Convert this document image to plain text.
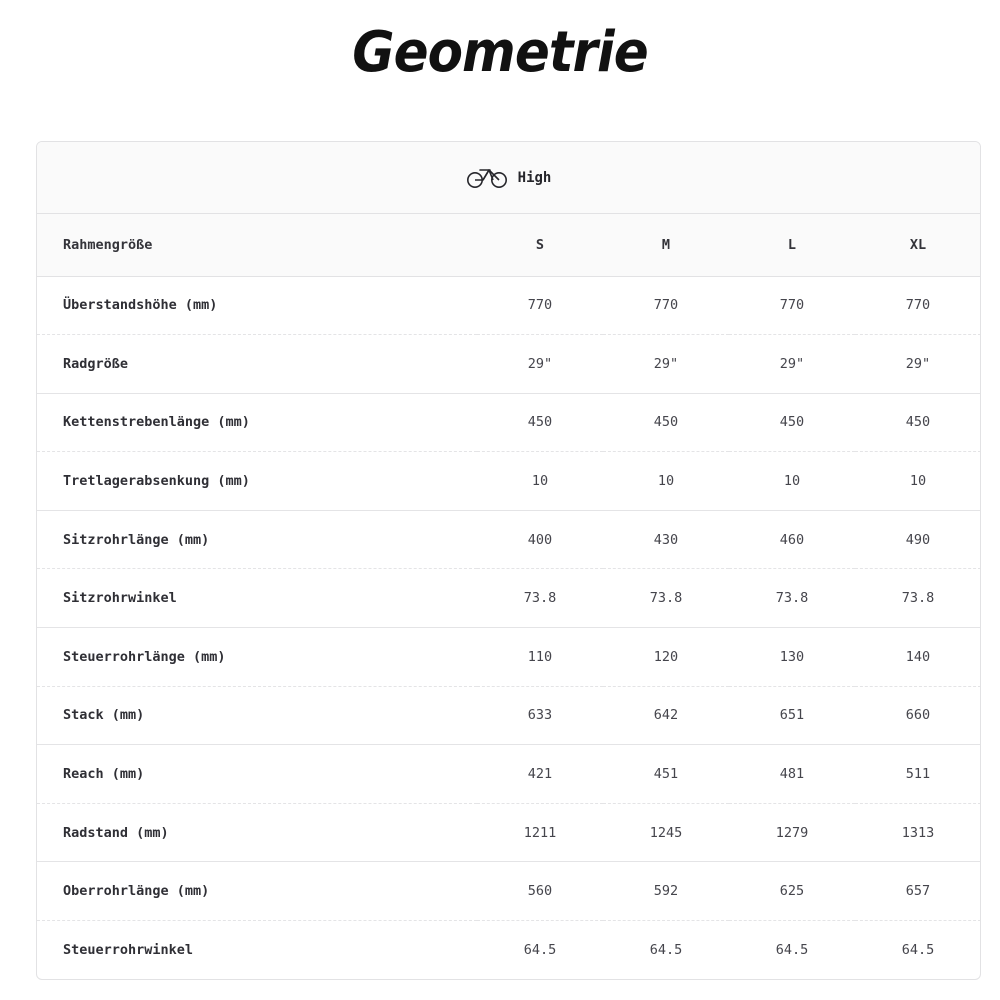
Geometrie
High
Rahmengröße	S	M	L	XL
Überstandshöhe (mm)	770	770	770	770
Radgröße	29"	29"	29"	29"
Kettenstrebenlänge (mm)	450	450	450	450
Tretlagerabsenkung (mm)	10	10	10	10
Sitzrohrlänge (mm)	400	430	460	490
Sitzrohrwinkel	73.8	73.8	73.8	73.8
Steuerrohrlänge (mm)	110	120	130	140
Stack (mm)	633	642	651	660
Reach (mm)	421	451	481	511
Radstand (mm)	1211	1245	1279	1313
Oberrohrlänge (mm)	560	592	625	657
Steuerrohrwinkel	64.5	64.5	64.5	64.5
